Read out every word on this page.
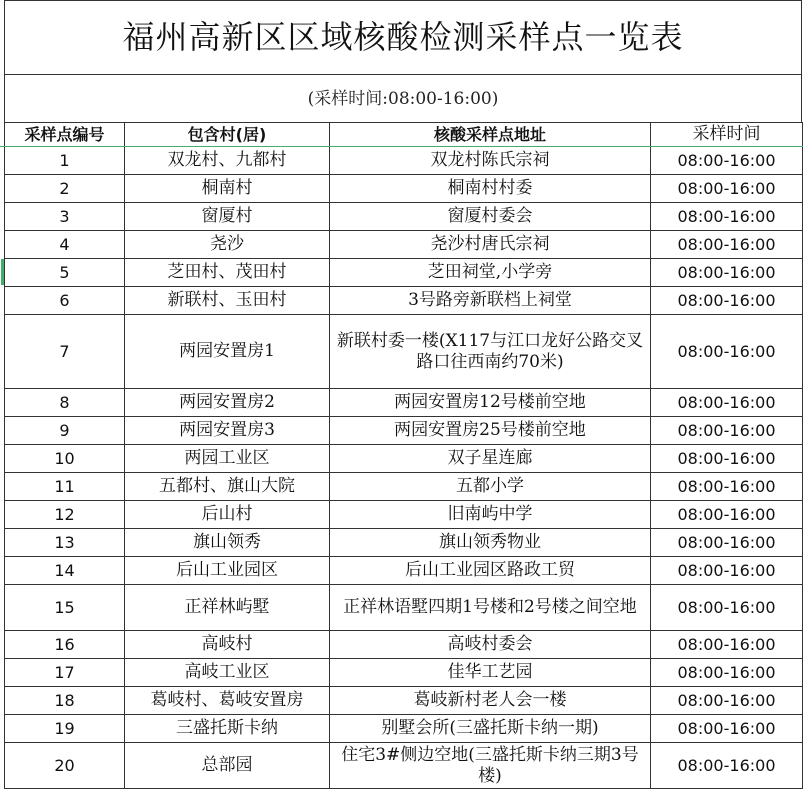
福州高新区区域核酸检测采样点一览表
(采样时间:08:00-16:00)
采样点编号	包含村(居)	核酸采样点地址	采样时间
1	双龙村、九都村	双龙村陈氏宗祠	08:00-16:00
2	桐南村	桐南村村委	08:00-16:00
3	窗厦村	窗厦村委会	08:00-16:00
4	尧沙	尧沙村唐氏宗祠	08:00-16:00
5	芝田村、茂田村	芝田祠堂,小学旁	08:00-16:00
6	新联村、玉田村	3号路旁新联档上祠堂	08:00-16:00
7	两园安置房1	新联村委一楼(X117与江口龙好公路交叉路口往西南约70米)	08:00-16:00
8	两园安置房2	两园安置房12号楼前空地	08:00-16:00
9	两园安置房3	两园安置房25号楼前空地	08:00-16:00
10	两园工业区	双子星连廊	08:00-16:00
11	五都村、旗山大院	五都小学	08:00-16:00
12	后山村	旧南屿中学	08:00-16:00
13	旗山领秀	旗山领秀物业	08:00-16:00
14	后山工业园区	后山工业园区路政工贸	08:00-16:00
15	正祥林屿墅	正祥林语墅四期1号楼和2号楼之间空地	08:00-16:00
16	高岐村	高岐村委会	08:00-16:00
17	高岐工业区	佳华工艺园	08:00-16:00
18	葛岐村、葛岐安置房	葛岐新村老人会一楼	08:00-16:00
19	三盛托斯卡纳	别墅会所(三盛托斯卡纳一期)	08:00-16:00
20	总部园	住宅3#侧边空地(三盛托斯卡纳三期3号楼)	08:00-16:00
